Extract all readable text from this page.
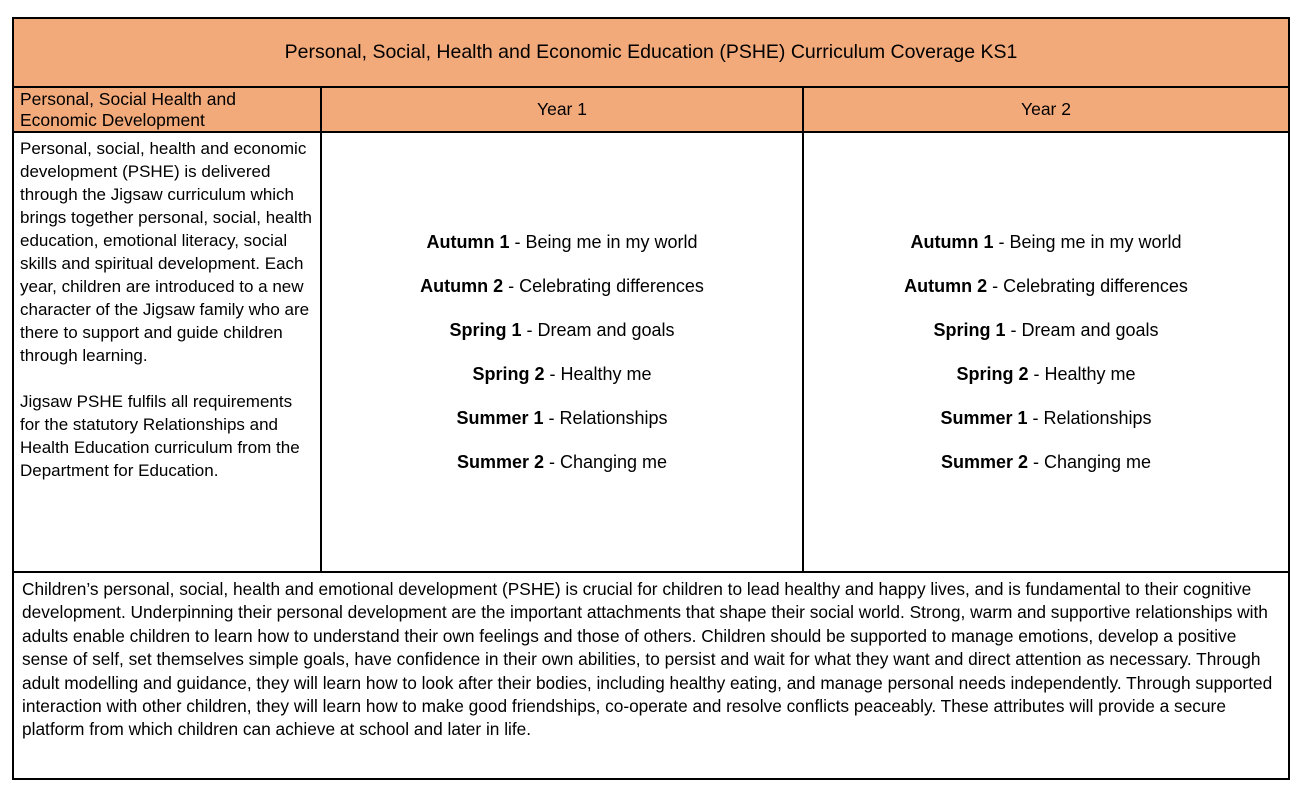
Personal, Social, Health and Economic Education (PSHE) Curriculum Coverage KS1
Personal, Social Health and Economic Development
Year 1	Year 2

Personal, social, health and economic development (PSHE) is delivered through the Jigsaw curriculum which brings together personal, social, health education, emotional literacy, social skills and spiritual development. Each year, children are introduced to a new character of the Jigsaw family who are there to support and guide children through learning.

Jigsaw PSHE fulfils all requirements for the statutory Relationships and Health Education curriculum from the Department for Education.

Autumn 1 - Being me in my world
Autumn 2 - Celebrating differences
Spring 1 - Dream and goals
Spring 2 - Healthy me
Summer 1 - Relationships
Summer 2 - Changing me
Autumn 1 - Being me in my world
Autumn 2 - Celebrating differences
Spring 1 - Dream and goals
Spring 2 - Healthy me
Summer 1 - Relationships
Summer 2 - Changing me

Children’s personal, social, health and emotional development (PSHE) is crucial for children to lead healthy and happy lives, and is fundamental to their cognitive development. Underpinning their personal development are the important attachments that shape their social world. Strong, warm and supportive relationships with adults enable children to learn how to understand their own feelings and those of others. Children should be supported to manage emotions, develop a positive sense of self, set themselves simple goals, have confidence in their own abilities, to persist and wait for what they want and direct attention as necessary. Through adult modelling and guidance, they will learn how to look after their bodies, including healthy eating, and manage personal needs independently. Through supported interaction with other children, they will learn how to make good friendships, co-operate and resolve conflicts peaceably. These attributes will provide a secure platform from which children can achieve at school and later in life.
